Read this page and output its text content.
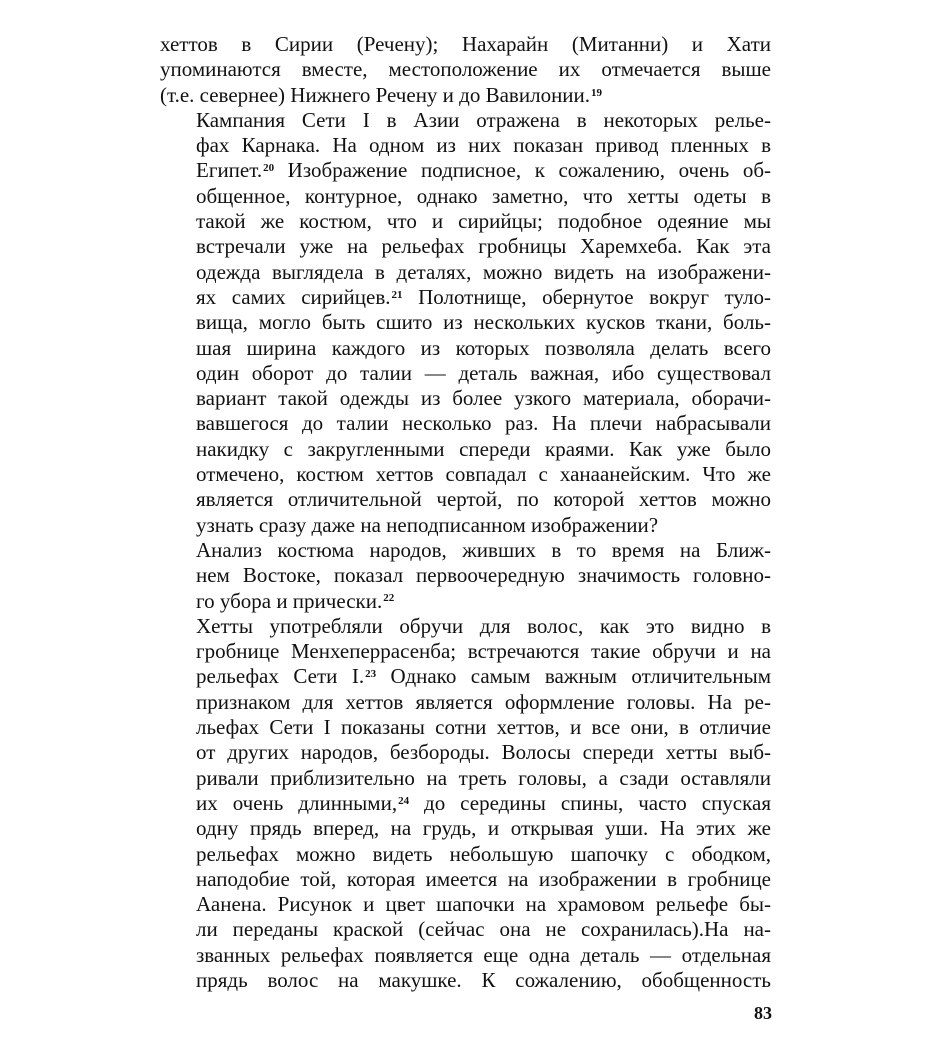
хеттов в Сирии (Речену); Нахарайн (Митанни) и Хати
упоминаются вместе, местоположение их отмечается выше
(т.е. севернее) Нижнего Речену и до Вавилонии.$^{19}$

Кампания Сети I в Азии отражена в некоторых релье-
фах Карнака. На одном из них показан привод пленных в
Египет.$^{20}$ Изображение подписное, к сожалению, очень об-
общенное, контурное, однако заметно, что хетты одеты в
такой же костюм, что и сирийцы; подобное одеяние мы
встречали уже на рельефах гробницы Харемхеба. Как эта
одежда выглядела в деталях, можно видеть на изображени-
ях самих сирийцев.$^{21}$ Полотнище, обернутое вокруг туло-
вища, могло быть сшито из нескольких кусков ткани, боль-
шая ширина каждого из которых позволяла делать всего
один оборот до талии — деталь важная, ибо существовал
вариант такой одежды из более узкого материала, оборачи-
вавшегося до талии несколько раз. На плечи набрасывали
накидку с закругленными спереди краями. Как уже было
отмечено, костюм хеттов совпадал с ханаанейским. Что же
является отличительной чертой, по которой хеттов можно
узнать сразу даже на неподписанном изображении?

Анализ костюма народов, живших в то время на Ближ-
нем Востоке, показал первоочередную значимость головно-
го убора и прически.$^{22}$

Хетты употребляли обручи для волос, как это видно в
гробнице Менхеперрасенба; встречаются такие обручи и на
рельефах Сети I.$^{23}$ Однако самым важным отличительным
признаком для хеттов является оформление головы. На ре-
льефах Сети I показаны сотни хеттов, и все они, в отличие
от других народов, безбороды. Волосы спереди хетты выб-
ривали приблизительно на треть головы, а сзади оставляли
их очень длинными,$^{24}$ до середины спины, часто спуская
одну прядь вперед, на грудь, и открывая уши. На этих же
рельефах можно видеть небольшую шапочку с ободком,
наподобие той, которая имеется на изображении в гробнице
Аанена. Рисунок и цвет шапочки на храмовом рельефе бы-
ли переданы краской (сейчас она не сохранилась).На на-
званных рельефах появляется еще одна деталь — отдельная
прядь волос на макушке. К сожалению, обобщенность

83
